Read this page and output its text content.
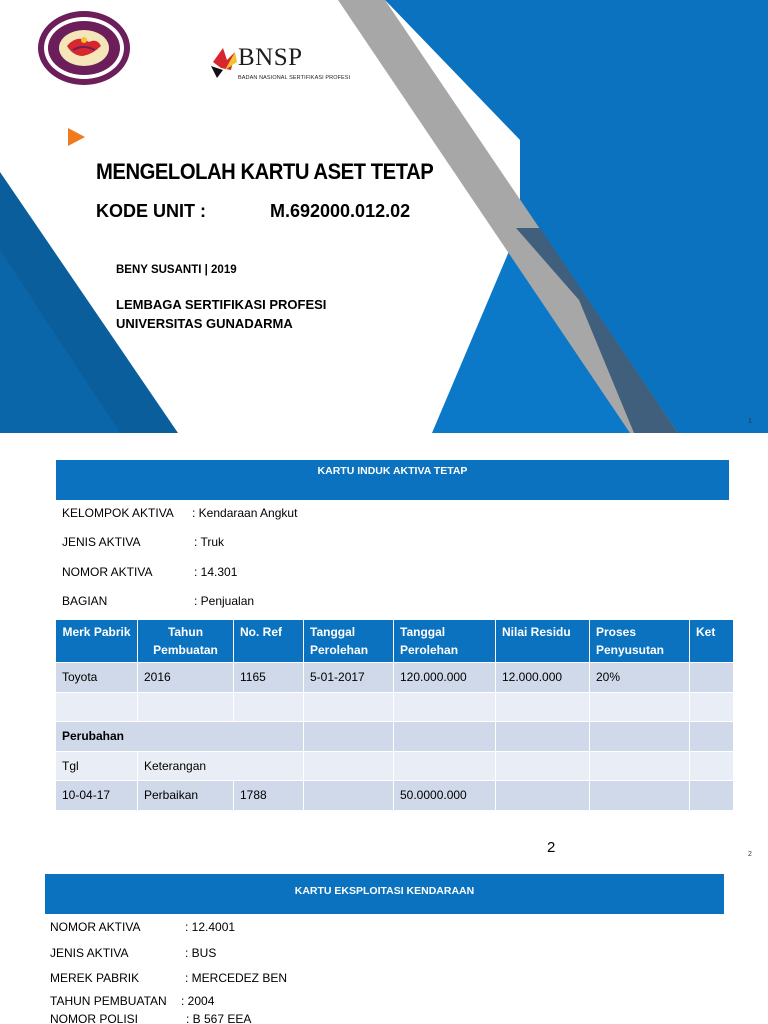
BNSP
BADAN NASIONAL SERTIFIKASI PROFESI
MENGELOLAH KARTU ASET TETAP
KODE UNIT :	M.692000.012.02
BENY SUSANTI | 2019
LEMBAGA SERTIFIKASI PROFESI
UNIVERSITAS GUNADARMA
1
KARTU INDUK AKTIVA TETAP
KELOMPOK AKTIVA : Kendaraan Angkut
JENIS AKTIVA	: Truk
NOMOR AKTIVA	: 14.301
BAGIAN	: Penjualan
Merk Pabrik	Tahun Pembuatan	No. Ref	Tanggal Perolehan	Tanggal Perolehan	Nilai Residu	Proses Penyusutan	Ket
Toyota	2016	1165	5-01-2017	120.000.000	12.000.000	20%	

Perubahan							
Tgl	Keterangan						
10-04-17	Perbaikan	1788		50.0000.000			
2	2
KARTU EKSPLOITASI KENDARAAN
NOMOR AKTIVA	: 12.4001
JENIS AKTIVA	: BUS
MEREK PABRIK	: MERCEDEZ BEN
TAHUN PEMBUATAN : 2004
NOMOR POLISI	: B 567 EEA
